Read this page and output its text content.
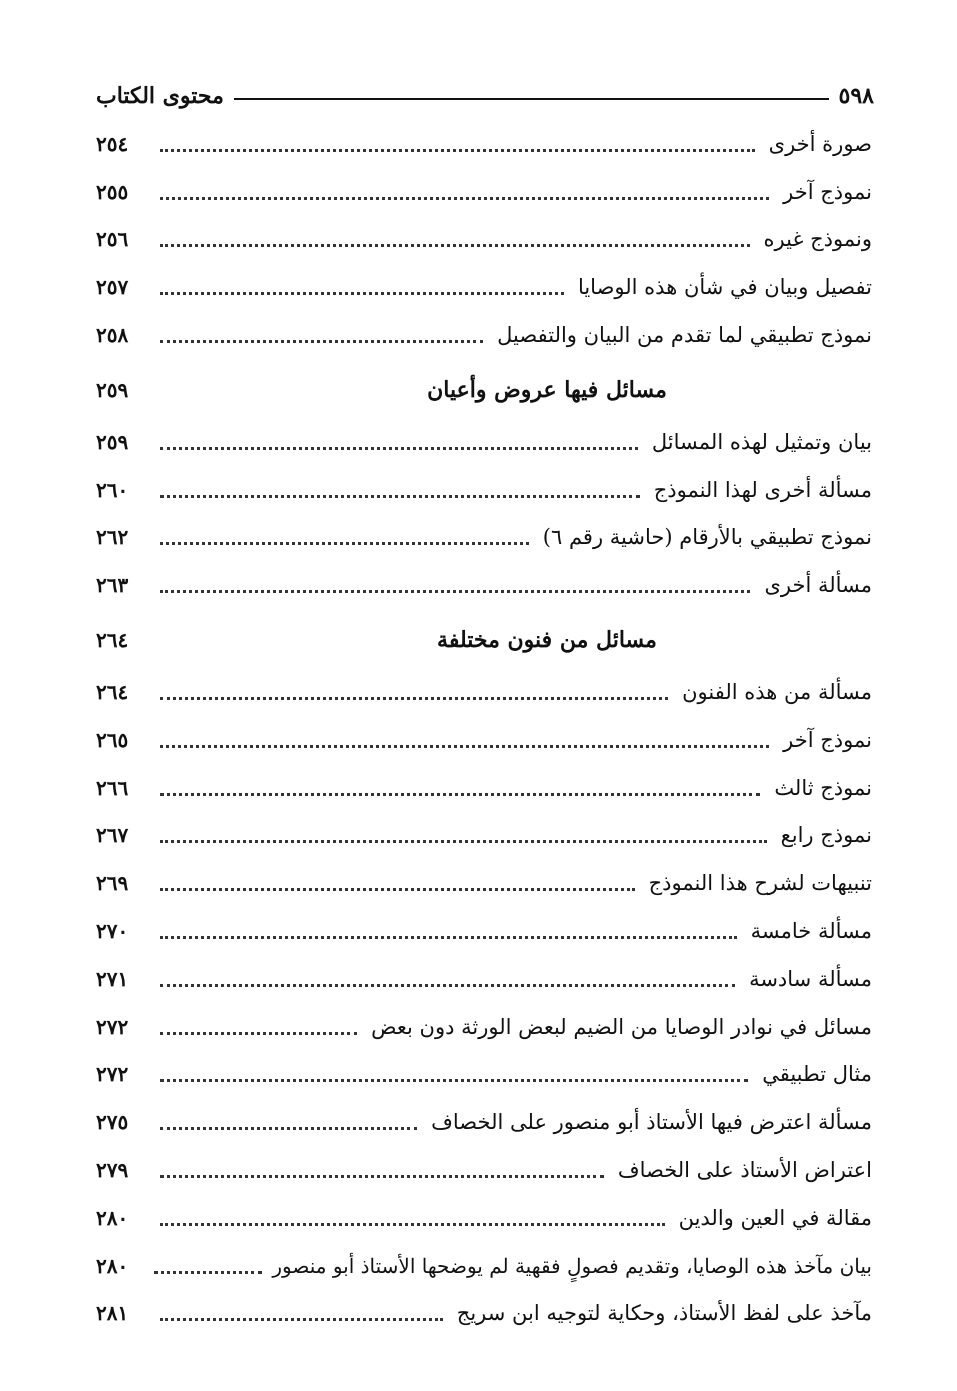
٥٩٨
محتوى الكتاب
صورة أخرى
٢٥٤
نموذج آخر
٢٥٥
ونموذج غيره
٢٥٦
تفصيل وبيان في شأن هذه الوصايا
٢٥٧
نموذج تطبيقي لما تقدم من البيان والتفصيل
٢٥٨
مسائل فيها عروض وأعيان
٢٥٩
بيان وتمثيل لهذه المسائل
٢٥٩
مسألة أخرى لهذا النموذج
٢٦٠
نموذج تطبيقي بالأرقام (حاشية رقم ٦)
٢٦٢
مسألة أخرى
٢٦٣
مسائل من فنون مختلفة
٢٦٤
مسألة من هذه الفنون
٢٦٤
نموذج آخر
٢٦٥
نموذج ثالث
٢٦٦
نموذج رابع
٢٦٧
تنبيهات لشرح هذا النموذج
٢٦٩
مسألة خامسة
٢٧٠
مسألة سادسة
٢٧١
مسائل في نوادر الوصايا من الضيم لبعض الورثة دون بعض
٢٧٢
مثال تطبيقي
٢٧٢
مسألة اعترض فيها الأستاذ أبو منصور على الخصاف
٢٧٥
اعتراض الأستاذ على الخصاف
٢٧٩
مقالة في العين والدين
٢٨٠
بيان مآخذ هذه الوصايا، وتقديم فصولٍ فقهية لم يوضحها الأستاذ أبو منصور
٢٨٠
مآخذ على لفظ الأستاذ، وحكاية لتوجيه ابن سريج
٢٨١
